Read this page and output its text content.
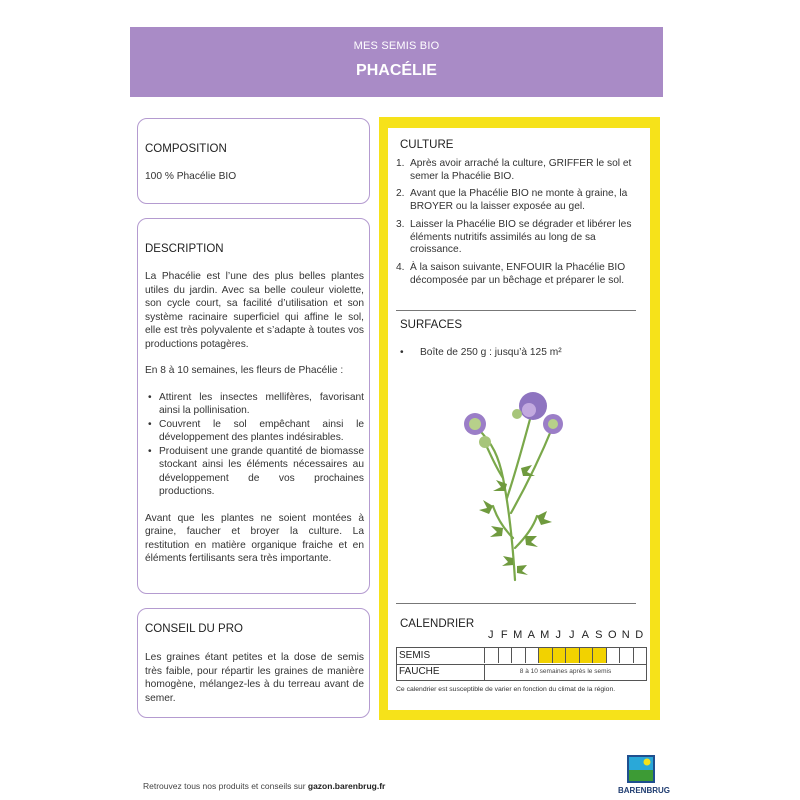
MES SEMIS BIO
PHACÉLIE
COMPOSITION

100 % Phacélie BIO

DESCRIPTION

La Phacélie est l’une des plus belles plantes utiles du jardin. Avec sa belle couleur violette, son cycle court, sa facilité d’utilisation et son système racinaire superficiel qui affine le sol, elle est très polyvalente et s’adapte à toutes vos productions potagères.

En 8 à 10 semaines, les fleurs de Phacélie :

• Attirent les insectes mellifères, favorisant ainsi la pollinisation.
• Couvrent le sol empêchant ainsi le développement des plantes indésirables.
• Produisent une grande quantité de biomasse stockant ainsi les éléments nécessaires au développement de vos prochaines productions.

Avant que les plantes ne soient montées à graine, faucher et broyer la culture. La restitution en matière organique fraiche et en éléments fertilisants sera très importante.

CONSEIL DU PRO

Les graines étant petites et la dose de semis très faible, pour répartir les graines de manière homogène, mélangez-les à du terreau avant de semer.

CULTURE
1. Après avoir arraché la culture, GRIFFER le sol et semer la Phacélie BIO.
2. Avant que la Phacélie BIO ne monte à graine, la BROYER ou la laisser exposée au gel.
3. Laisser la Phacélie BIO se dégrader et libérer les éléments nutritifs assimilés au long de sa croissance.
4. À la saison suivante, ENFOUIR la Phacélie BIO décomposée par un bêchage et préparer le sol.
SURFACES
• Boîte de 250 g : jusqu’à 125 m²
CALENDRIER
J F M A M J J A S O N D
SEMIS
FAUCHE	8 à 10 semaines après le semis
Ce calendrier est susceptible de varier en fonction du climat de la région.
Retrouvez tous nos produits et conseils sur gazon.barenbrug.fr	BARENBRUG
